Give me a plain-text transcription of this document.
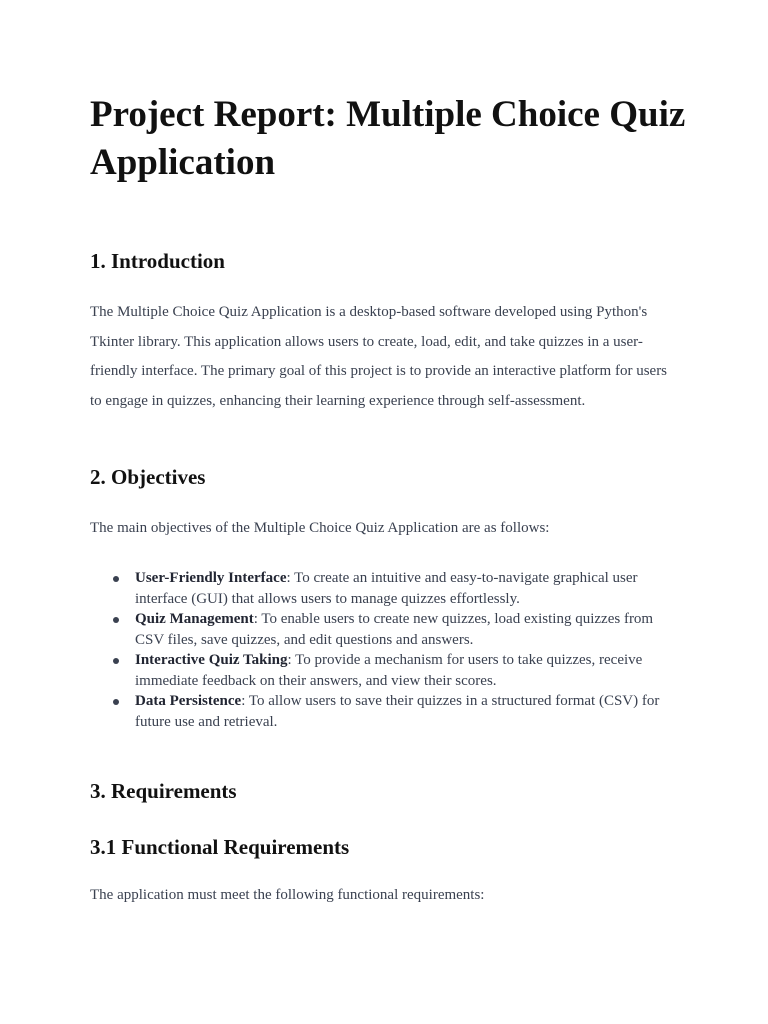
Project Report: Multiple Choice Quiz Application
1. Introduction

The Multiple Choice Quiz Application is a desktop-based software developed using Python's Tkinter library. This application allows users to create, load, edit, and take quizzes in a user-friendly interface. The primary goal of this project is to provide an interactive platform for users to engage in quizzes, enhancing their learning experience through self-assessment.

2. Objectives

The main objectives of the Multiple Choice Quiz Application are as follows:

User-Friendly Interface: To create an intuitive and easy-to-navigate graphical user interface (GUI) that allows users to manage quizzes effortlessly.
Quiz Management: To enable users to create new quizzes, load existing quizzes from CSV files, save quizzes, and edit questions and answers.
Interactive Quiz Taking: To provide a mechanism for users to take quizzes, receive immediate feedback on their answers, and view their scores.
Data Persistence: To allow users to save their quizzes in a structured format (CSV) for future use and retrieval.
3. Requirements
3.1 Functional Requirements

The application must meet the following functional requirements:
